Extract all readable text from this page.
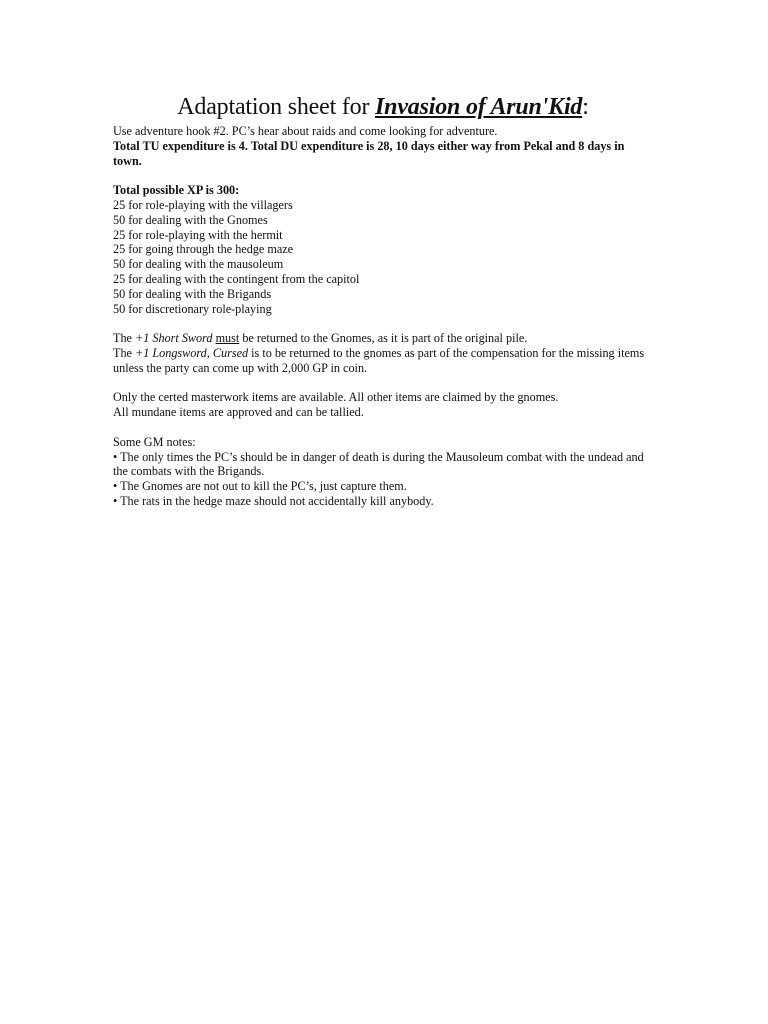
Adaptation sheet for Invasion of Arun'Kid:

Use adventure hook #2. PC’s hear about raids and come looking for adventure.

Total TU expenditure is 4. Total DU expenditure is 28, 10 days either way from Pekal and 8 days in town.

Total possible XP is 300:

25 for role-playing with the villagers
50 for dealing with the Gnomes
25 for role-playing with the hermit
25 for going through the hedge maze
50 for dealing with the mausoleum
25 for dealing with the contingent from the capitol
50 for dealing with the Brigands
50 for discretionary role-playing

The +1 Short Sword must be returned to the Gnomes, as it is part of the original pile.

The +1 Longsword, Cursed is to be returned to the gnomes as part of the compensation for the missing items unless the party can come up with 2,000 GP in coin.

Only the certed masterwork items are available. All other items are claimed by the gnomes.

All mundane items are approved and can be tallied.

Some GM notes:

• The only times the PC’s should be in danger of death is during the Mausoleum combat with the undead and the combats with the Brigands.
• The Gnomes are not out to kill the PC’s, just capture them.
• The rats in the hedge maze should not accidentally kill anybody.
